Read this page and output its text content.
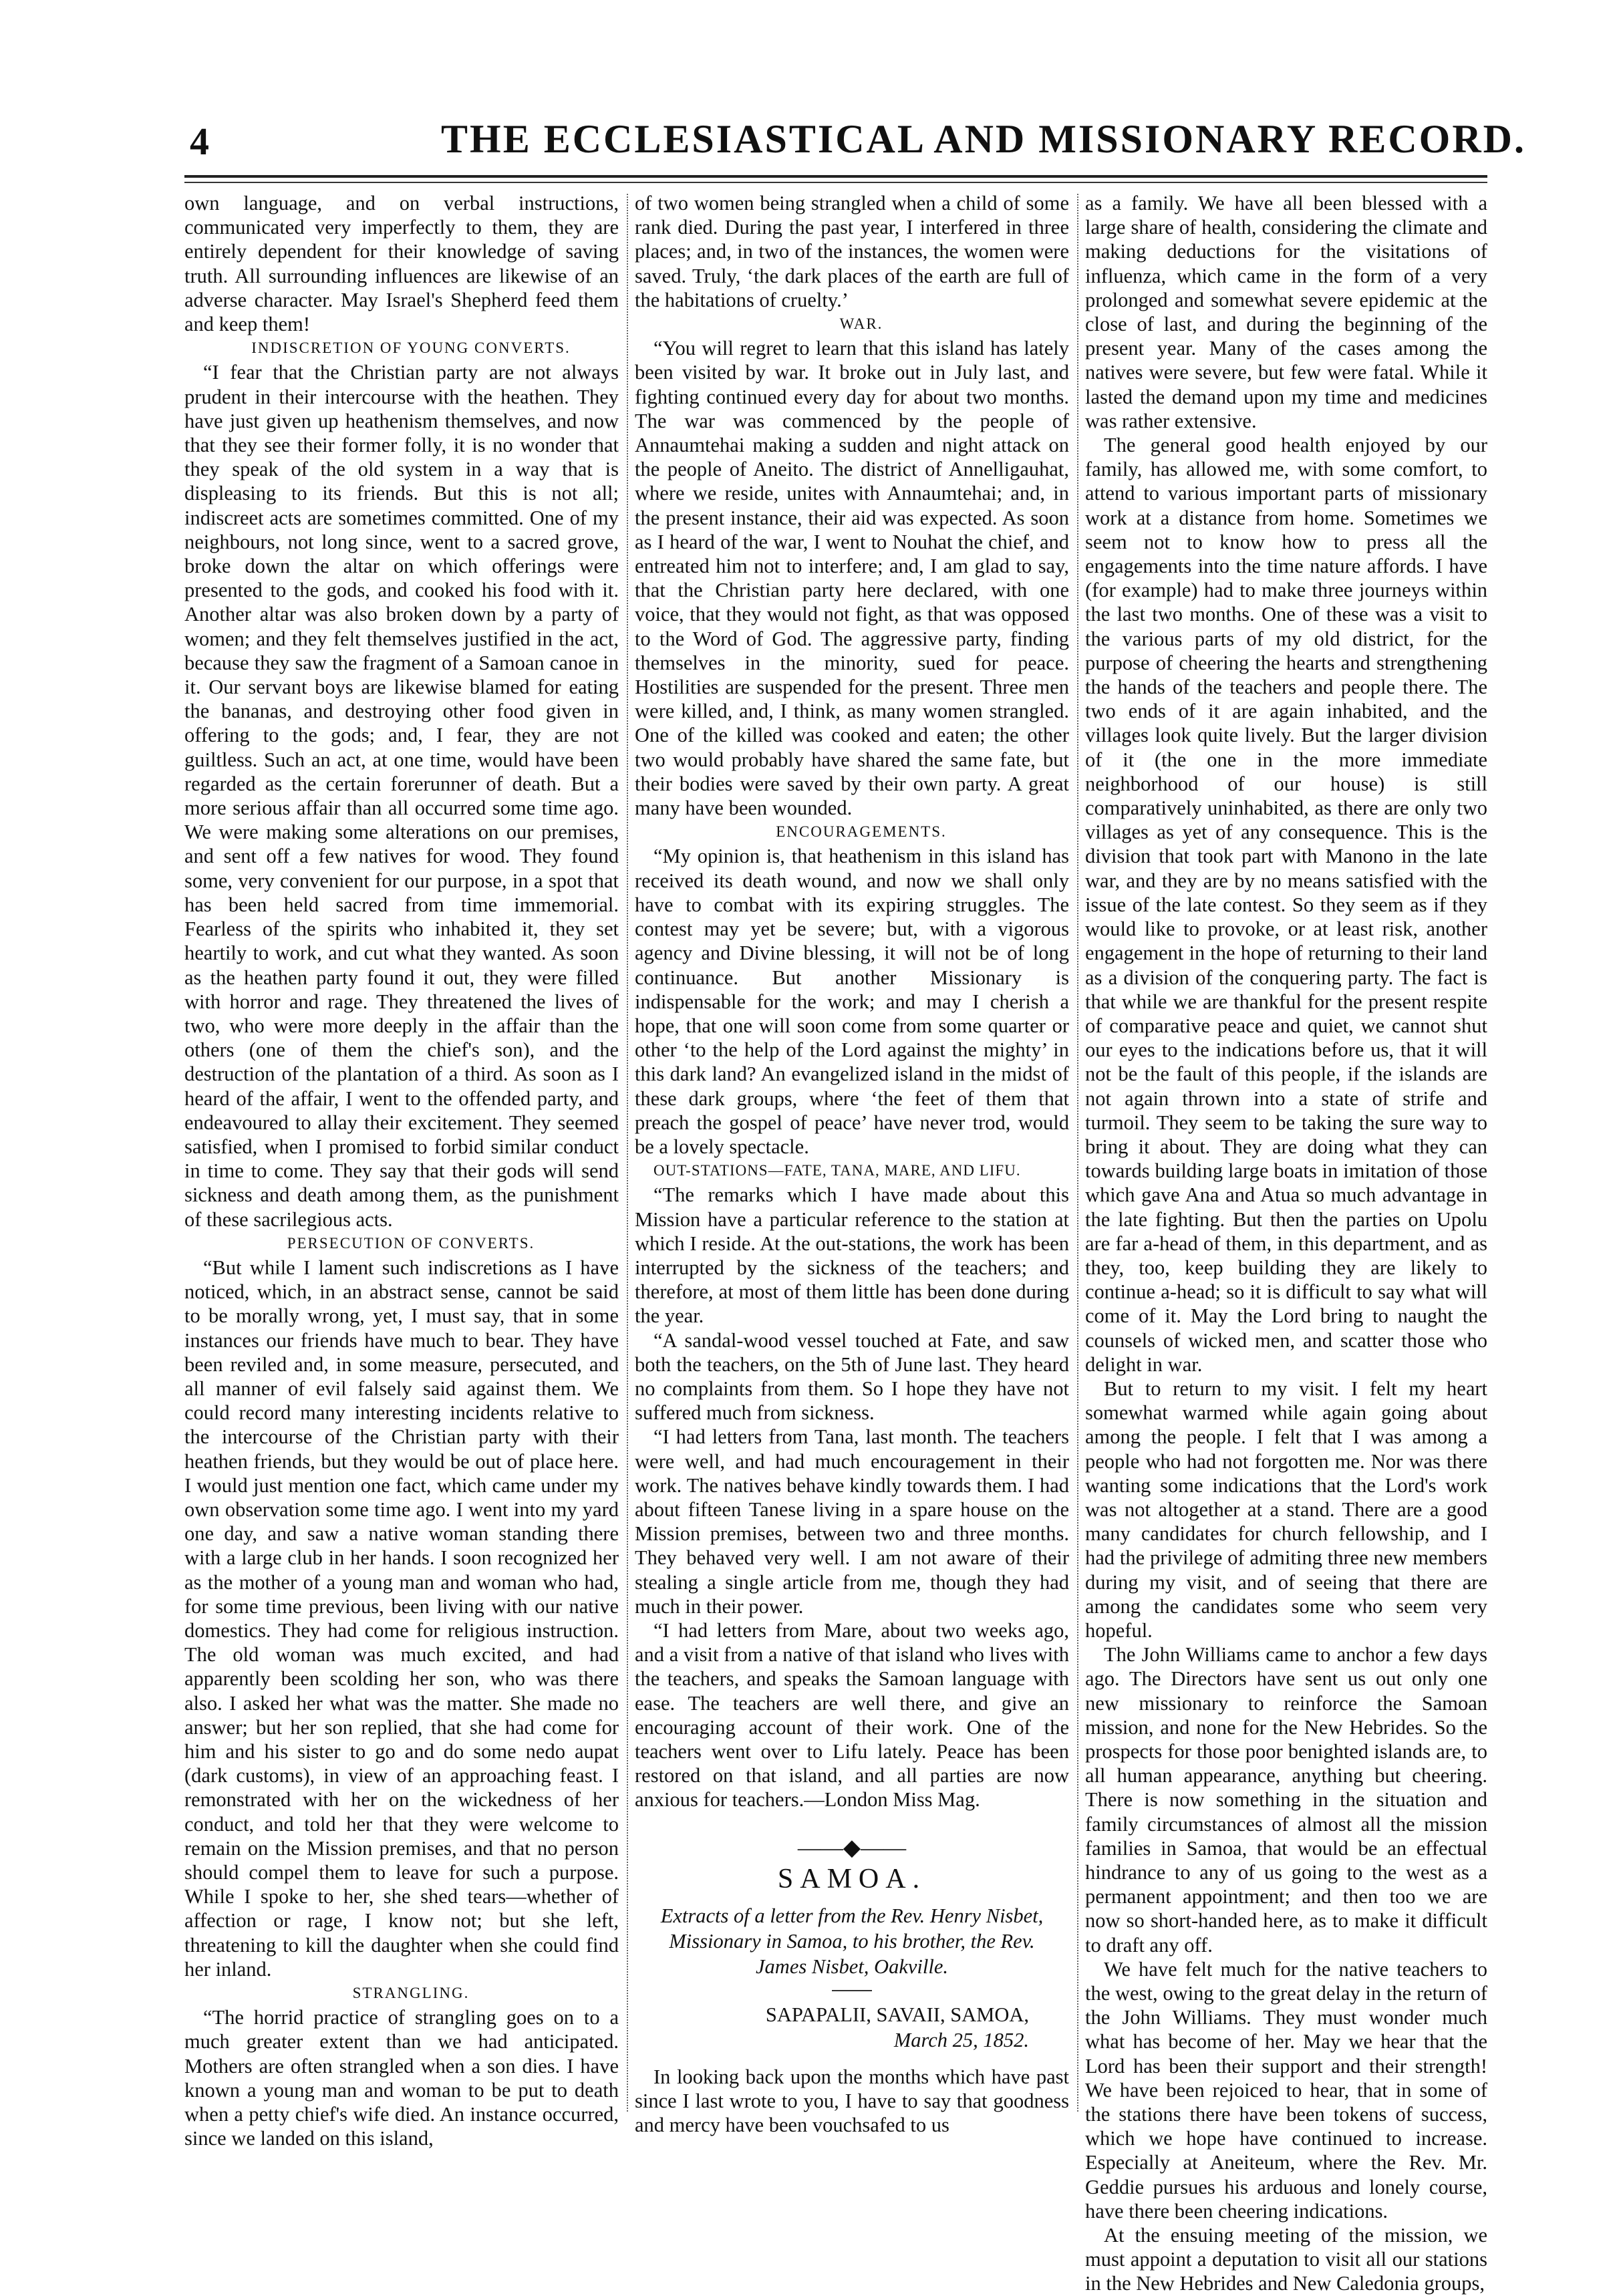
4	THE ECCLESIASTICAL AND MISSIONARY RECORD.

own language, and on verbal instructions, communicated very imperfectly to them, they are entirely dependent for their knowledge of saving truth. All surrounding influences are likewise of an adverse character. May Israel's Shepherd feed them and keep them!

INDISCRETION OF YOUNG CONVERTS.

“I fear that the Christian party are not always prudent in their intercourse with the heathen. They have just given up heathenism themselves, and now that they see their former folly, it is no wonder that they speak of the old system in a way that is displeasing to its friends. But this is not all; indiscreet acts are sometimes committed. One of my neighbours, not long since, went to a sacred grove, broke down the altar on which offerings were presented to the gods, and cooked his food with it. Another altar was also broken down by a party of women; and they felt themselves justified in the act, because they saw the fragment of a Samoan canoe in it. Our servant boys are likewise blamed for eating the bananas, and destroying other food given in offering to the gods; and, I fear, they are not guiltless. Such an act, at one time, would have been regarded as the certain forerunner of death. But a more serious affair than all occurred some time ago. We were making some alterations on our premises, and sent off a few natives for wood. They found some, very convenient for our purpose, in a spot that has been held sacred from time immemorial. Fearless of the spirits who inhabited it, they set heartily to work, and cut what they wanted. As soon as the heathen party found it out, they were filled with horror and rage. They threatened the lives of two, who were more deeply in the affair than the others (one of them the chief's son), and the destruction of the plantation of a third. As soon as I heard of the affair, I went to the offended party, and endeavoured to allay their excitement. They seemed satisfied, when I promised to forbid similar conduct in time to come. They say that their gods will send sickness and death among them, as the punishment of these sacrilegious acts.

PERSECUTION OF CONVERTS.

“But while I lament such indiscretions as I have noticed, which, in an abstract sense, cannot be said to be morally wrong, yet, I must say, that in some instances our friends have much to bear. They have been reviled and, in some measure, persecuted, and all manner of evil falsely said against them. We could record many interesting incidents relative to the intercourse of the Christian party with their heathen friends, but they would be out of place here. I would just mention one fact, which came under my own observation some time ago. I went into my yard one day, and saw a native woman standing there with a large club in her hands. I soon recognized her as the mother of a young man and woman who had, for some time previous, been living with our native domestics. They had come for religious instruction. The old woman was much excited, and had apparently been scolding her son, who was there also. I asked her what was the matter. She made no answer; but her son replied, that she had come for him and his sister to go and do some nedo aupat (dark customs), in view of an approaching feast. I remonstrated with her on the wickedness of her conduct, and told her that they were welcome to remain on the Mission premises, and that no person should compel them to leave for such a purpose. While I spoke to her, she shed tears—whether of affection or rage, I know not; but she left, threatening to kill the daughter when she could find her inland.

STRANGLING.

“The horrid practice of strangling goes on to a much greater extent than we had anticipated. Mothers are often strangled when a son dies. I have known a young man and woman to be put to death when a petty chief's wife died. An instance occurred, since we landed on this island,

of two women being strangled when a child of some rank died. During the past year, I interfered in three places; and, in two of the instances, the women were saved. Truly, ‘the dark places of the earth are full of the habitations of cruelty.’

WAR.

“You will regret to learn that this island has lately been visited by war. It broke out in July last, and fighting continued every day for about two months. The war was commenced by the people of Annaumtehai making a sudden and night attack on the people of Aneito. The district of Annelligauhat, where we reside, unites with Annaumtehai; and, in the present instance, their aid was expected. As soon as I heard of the war, I went to Nouhat the chief, and entreated him not to interfere; and, I am glad to say, that the Christian party here declared, with one voice, that they would not fight, as that was opposed to the Word of God. The aggressive party, finding themselves in the minority, sued for peace. Hostilities are suspended for the present. Three men were killed, and, I think, as many women strangled. One of the killed was cooked and eaten; the other two would probably have shared the same fate, but their bodies were saved by their own party. A great many have been wounded.

ENCOURAGEMENTS.

“My opinion is, that heathenism in this island has received its death wound, and now we shall only have to combat with its expiring struggles. The contest may yet be severe; but, with a vigorous agency and Divine blessing, it will not be of long continuance. But another Missionary is indispensable for the work; and may I cherish a hope, that one will soon come from some quarter or other ‘to the help of the Lord against the mighty’ in this dark land? An evangelized island in the midst of these dark groups, where ‘the feet of them that preach the gospel of peace’ have never trod, would be a lovely spectacle.

OUT-STATIONS—FATE, TANA, MARE, AND LIFU.

“The remarks which I have made about this Mission have a particular reference to the station at which I reside. At the out-stations, the work has been interrupted by the sickness of the teachers; and therefore, at most of them little has been done during the year.

“A sandal-wood vessel touched at Fate, and saw both the teachers, on the 5th of June last. They heard no complaints from them. So I hope they have not suffered much from sickness.

“I had letters from Tana, last month. The teachers were well, and had much encouragement in their work. The natives behave kindly towards them. I had about fifteen Tanese living in a spare house on the Mission premises, between two and three months. They behaved very well. I am not aware of their stealing a single article from me, though they had much in their power.

“I had letters from Mare, about two weeks ago, and a visit from a native of that island who lives with the teachers, and speaks the Samoan language with ease. The teachers are well there, and give an encouraging account of their work. One of the teachers went over to Lifu lately. Peace has been restored on that island, and all parties are now anxious for teachers.—London Miss Mag.

——◆——
SAMOA.
Extracts of a letter from the Rev. Henry Nisbet, Missionary in Samoa, to his brother, the Rev. James Nisbet, Oakville.
SAPAPALII, SAVAII, SAMOA,
March 25, 1852.

In looking back upon the months which have past since I last wrote to you, I have to say that goodness and mercy have been vouchsafed to us

as a family. We have all been blessed with a large share of health, considering the climate and making deductions for the visitations of influenza, which came in the form of a very prolonged and somewhat severe epidemic at the close of last, and during the beginning of the present year. Many of the cases among the natives were severe, but few were fatal. While it lasted the demand upon my time and medicines was rather extensive.

The general good health enjoyed by our family, has allowed me, with some comfort, to attend to various important parts of missionary work at a distance from home. Sometimes we seem not to know how to press all the engagements into the time nature affords. I have (for example) had to make three journeys within the last two months. One of these was a visit to the various parts of my old district, for the purpose of cheering the hearts and strengthening the hands of the teachers and people there. The two ends of it are again inhabited, and the villages look quite lively. But the larger division of it (the one in the more immediate neighborhood of our house) is still comparatively uninhabited, as there are only two villages as yet of any consequence. This is the division that took part with Manono in the late war, and they are by no means satisfied with the issue of the late contest. So they seem as if they would like to provoke, or at least risk, another engagement in the hope of returning to their land as a division of the conquering party. The fact is that while we are thankful for the present respite of comparative peace and quiet, we cannot shut our eyes to the indications before us, that it will not be the fault of this people, if the islands are not again thrown into a state of strife and turmoil. They seem to be taking the sure way to bring it about. They are doing what they can towards building large boats in imitation of those which gave Ana and Atua so much advantage in the late fighting. But then the parties on Upolu are far a-head of them, in this department, and as they, too, keep building they are likely to continue a-head; so it is difficult to say what will come of it. May the Lord bring to naught the counsels of wicked men, and scatter those who delight in war.

But to return to my visit. I felt my heart somewhat warmed while again going about among the people. I felt that I was among a people who had not forgotten me. Nor was there wanting some indications that the Lord's work was not altogether at a stand. There are a good many candidates for church fellowship, and I had the privilege of admiting three new members during my visit, and of seeing that there are among the candidates some who seem very hopeful.

The John Williams came to anchor a few days ago. The Directors have sent us out only one new missionary to reinforce the Samoan mission, and none for the New Hebrides. So the prospects for those poor benighted islands are, to all human appearance, anything but cheering. There is now something in the situation and family circumstances of almost all the mission families in Samoa, that would be an effectual hindrance to any of us going to the west as a permanent appointment; and then too we are now so short-handed here, as to make it difficult to draft any off.

We have felt much for the native teachers to the west, owing to the great delay in the return of the John Williams. They must wonder much what has become of her. May we hear that the Lord has been their support and their strength! We have been rejoiced to hear, that in some of the stations there have been tokens of success, which we hope have continued to increase. Especially at Aneiteum, where the Rev. Mr. Geddie pursues his arduous and lonely course, have there been cheering indications.

At the ensuing meeting of the mission, we must appoint a deputation to visit all our stations in the New Hebrides and New Caledonia groups,
